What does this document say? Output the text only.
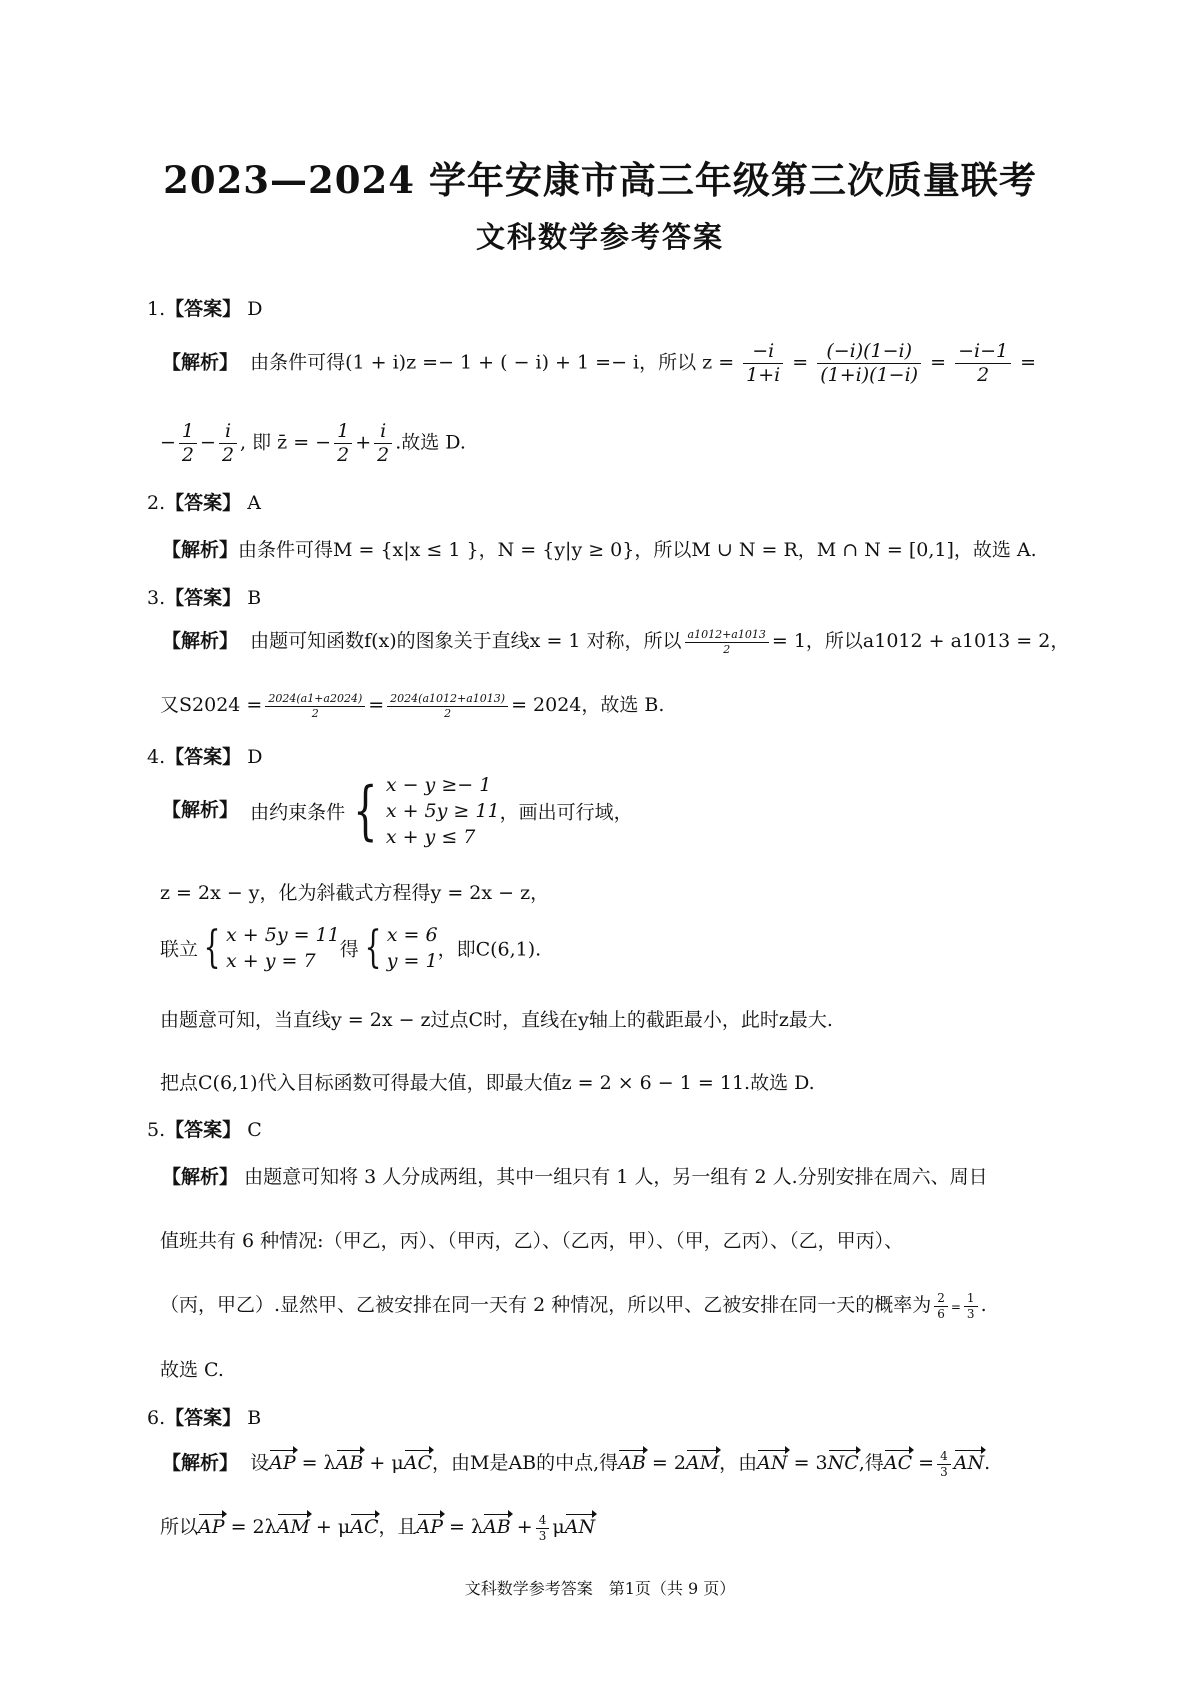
2023—2024 学年安康市高三年级第三次质量联考
文科数学参考答案
1.【答案】 D
【解析】 由条件可得(1 + i)z =− 1 + ( − i) + 1 =− i，所以 $z = \frac{-i}{1+i} = \frac{(-i)(1-i)}{(1+i)(1-i)} = \frac{-i-1}{2}$ =
− $\frac{1}{2} - \frac{i}{2}$ , 即 z̄ = − $\frac{1}{2} + \frac{i}{2}$ .故选 D.
2.【答案】 A
【解析】由条件可得M = {x|x ≤ 1 }，N = {y|y ≥ 0}，所以M ∪ N = R，M ∩ N = [0,1]，故选 A.
3.【答案】 B
【解析】 由题可知函数f(x)的图象关于直线x = 1 对称，所以 $\frac{a1012+a1013}{2} = 1$，所以a1012 + a1013 = 2，
又$S2024 = \frac{2024(a1+a2024)}{2} = \frac{2024(a1012+a1013)}{2} = 2024$，故选 B.
4.【答案】 D
【解析】 由约束条件 { x − y ≥− 1
x + 5y ≥ 11
x + y ≤ 7
，画出可行域，
z = 2x − y，化为斜截式方程得y = 2x − z，
联立 { x + 5y = 11
x + y = 7
得 { x = 6
y = 1
，即C(6,1).
由题意可知，当直线y = 2x − z过点C时，直线在y轴上的截距最小，此时z最大.
把点C(6,1)代入目标函数可得最大值，即最大值z = 2 × 6 − 1 = 11.故选 D.
5.【答案】 C
【解析】 由题意可知将 3 人分成两组，其中一组只有 1 人，另一组有 2 人.分别安排在周六、周日
值班共有 6 种情况:（甲乙，丙）、（甲丙，乙）、（乙丙，甲）、（甲，乙丙）、（乙，甲丙）、
（丙，甲乙）.显然甲、乙被安排在同一天有 2 种情况，所以甲、乙被安排在同一天的概率为 $\frac{2}{6} = \frac{1}{3}$ .
故选 C.
6.【答案】 B
【解析】 设AP = λAB + μAC，由M是AB的中点,得AB = 2AM，由AN = 3NC,得AC = $\frac{4}{3}$ AN.
所以AP = 2λAM + μAC，且AP = $\lambda AB + \frac{4}{3}$ μAN
文科数学参考答案　第1页（共 9 页）
